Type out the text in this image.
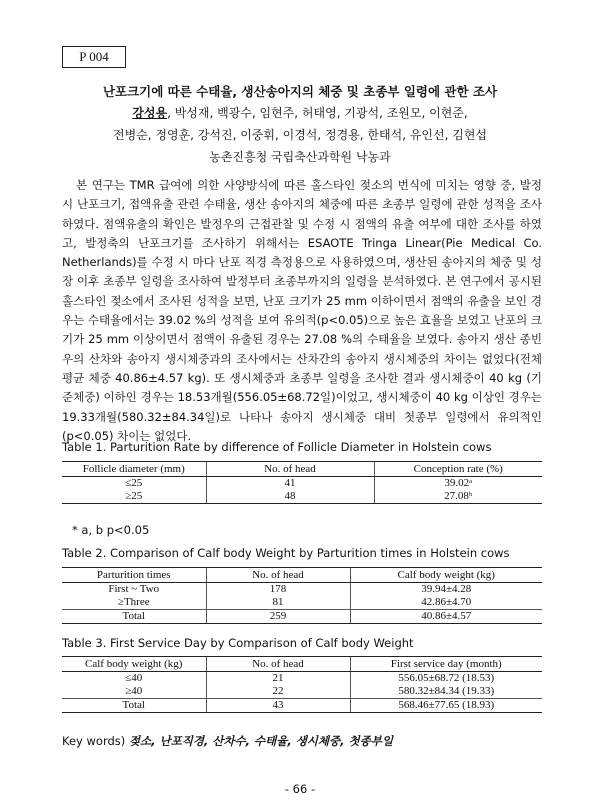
P 004
난포크기에 따른 수태율, 생산송아지의 체중 및 초종부 일령에 관한 조사
강성용, 박성재, 백광수, 임현주, 허태영, 기광석, 조원모, 이현준,
전병순, 정영훈, 강석진, 이중휘, 이경석, 정경용, 한태석, 유인선, 김현섭
농촌진흥청 국립축산과학원 낙농과

본 연구는 TMR 급여에 의한 사양방식에 따른 홀스타인 젖소의 번식에 미치는 영향 중, 발정 시 난포크기, 접액유출 관련 수태율, 생산 송아지의 체중에 따른 초종부 일령에 관한 성적을 조사하였다. 점액유출의 확인은 발정우의 근접관찰 및 수정 시 점액의 유출 여부에 대한 조사를 하였고, 발정축의 난포크기를 조사하기 위해서는 ESAOTE Tringa Linear(Pie Medical Co. Netherlands)를 수정 시 마다 난포 직경 측정용으로 사용하였으며, 생산된 송아지의 체중 및 성장 이후 초종부 일령을 조사하여 발정부터 초종부까지의 일령을 분석하였다. 본 연구에서 공시된 홀스타인 젖소에서 조사된 성적을 보면, 난포 크기가 25 mm 이하이면서 점액의 유출을 보인 경우는 수태율에서는 39.02 %의 성적을 보여 유의적(p<0.05)으로 높은 효율을 보였고 난포의 크기가 25 mm 이상이면서 점액이 유출된 경우는 27.08 %의 수태율을 보였다. 송아지 생산 종빈우의 산차와 송아지 생시체중과의 조사에서는 산차간의 송아지 생시체중의 차이는 없었다(전체평균 체중 40.86±4.57 kg). 또 생시체중과 초종부 일령을 조사한 결과 생시체중이 40 kg (기준체중) 이하인 경우는 18.53개월(556.05±68.72일)이었고, 생시체중이 40 kg 이상인 경우는 19.33개월(580.32±84.34일)로 나타나 송아지 생시체중 대비 첫종부 일령에서 유의적인(p<0.05) 차이는 없었다.

Table 1. Parturition Rate by difference of Follicle Diameter in Holstein cows
Follicle diameter (mm)	No. of head	Conception rate (%)
≤25	41	39.02ᵃ
≥25	48	27.08ᵇ
* a, b p<0.05
Table 2. Comparison of Calf body Weight by Parturition times in Holstein cows
Parturition times	No. of head	Calf body weight (kg)
First ~ Two	178	39.94±4.28
≥Three	81	42.86±4.70
Total	259	40.86±4.57
Table 3. First Service Day by Comparison of Calf body Weight
Calf body weight (kg)	No. of head	First service day (month)
≤40	21	556.05±68.72 (18.53)
≥40	22	580.32±84.34 (19.33)
Total	43	568.46±77.65 (18.93)
Key words) 젖소, 난포직경, 산차수, 수태율, 생시체중, 첫종부일
- 66 -
